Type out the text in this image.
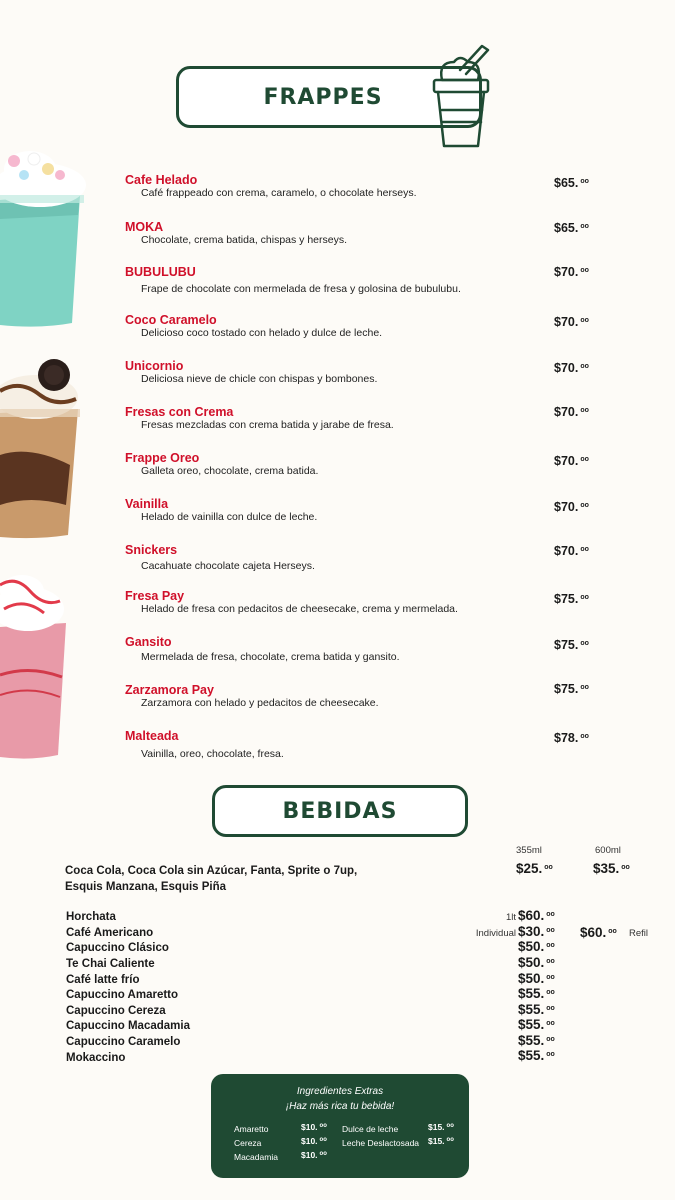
FRAPPES
Cafe Helado
Café frappeado con crema, caramelo, o chocolate herseys.
$65. $^{oo}$
MOKA
Chocolate, crema batida, chispas y herseys.
$65. $^{oo}$
BUBULUBU
Frape de chocolate con mermelada de fresa y golosina de bubulubu.
$70. $^{oo}$
Coco Caramelo
Delicioso coco tostado con helado y dulce de leche.
$70. $^{oo}$
Unicornio
Deliciosa nieve de chicle con chispas y bombones.
$70. $^{oo}$
Fresas con Crema
Fresas mezcladas con crema batida y jarabe de fresa.
$70. $^{oo}$
Frappe Oreo
Galleta oreo, chocolate, crema batida.
$70. $^{oo}$
Vainilla
Helado de vainilla con dulce de leche.
$70. $^{oo}$
Snickers
Cacahuate chocolate cajeta Herseys.
$70. $^{oo}$
Fresa Pay
Helado de fresa con pedacitos de cheesecake, crema y mermelada.
$75. $^{oo}$
Gansito
Mermelada de fresa, chocolate, crema batida y gansito.
$75. $^{oo}$
Zarzamora Pay
Zarzamora con helado y pedacitos de cheesecake.
$75. $^{oo}$
Malteada
Vainilla, oreo, chocolate, fresa.
$78. $^{oo}$
BEBIDAS
355ml	600ml
Coca Cola, Coca Cola sin Azúcar, Fanta, Sprite o 7up,
Esquis Manzana, Esquis Piña
$25. $^{oo}$	$35. $^{oo}$
Horchata	1lt $60. $^{oo}$
Café Americano	Individual $30. $^{oo}$ $60. $^{oo}$ Refil
Capuccino Clásico	$50. $^{oo}$
Te Chai Caliente	$50. $^{oo}$
Café latte frío	$50. $^{oo}$
Capuccino Amaretto	$55. $^{oo}$
Capuccino Cereza	$55. $^{oo}$
Capuccino Macadamia	$55. $^{oo}$
Capuccino Caramelo	$55. $^{oo}$
Mokaccino	$55. $^{oo}$
Ingredientes Extras
¡Haz más rica tu bebida!
Amaretto	$10. $^{oo}$
Cereza	$10. $^{oo}$
Macadamia	$10. $^{oo}$
Dulce de leche	$15. $^{oo}$
Leche Deslactosada $15. $^{oo}$
